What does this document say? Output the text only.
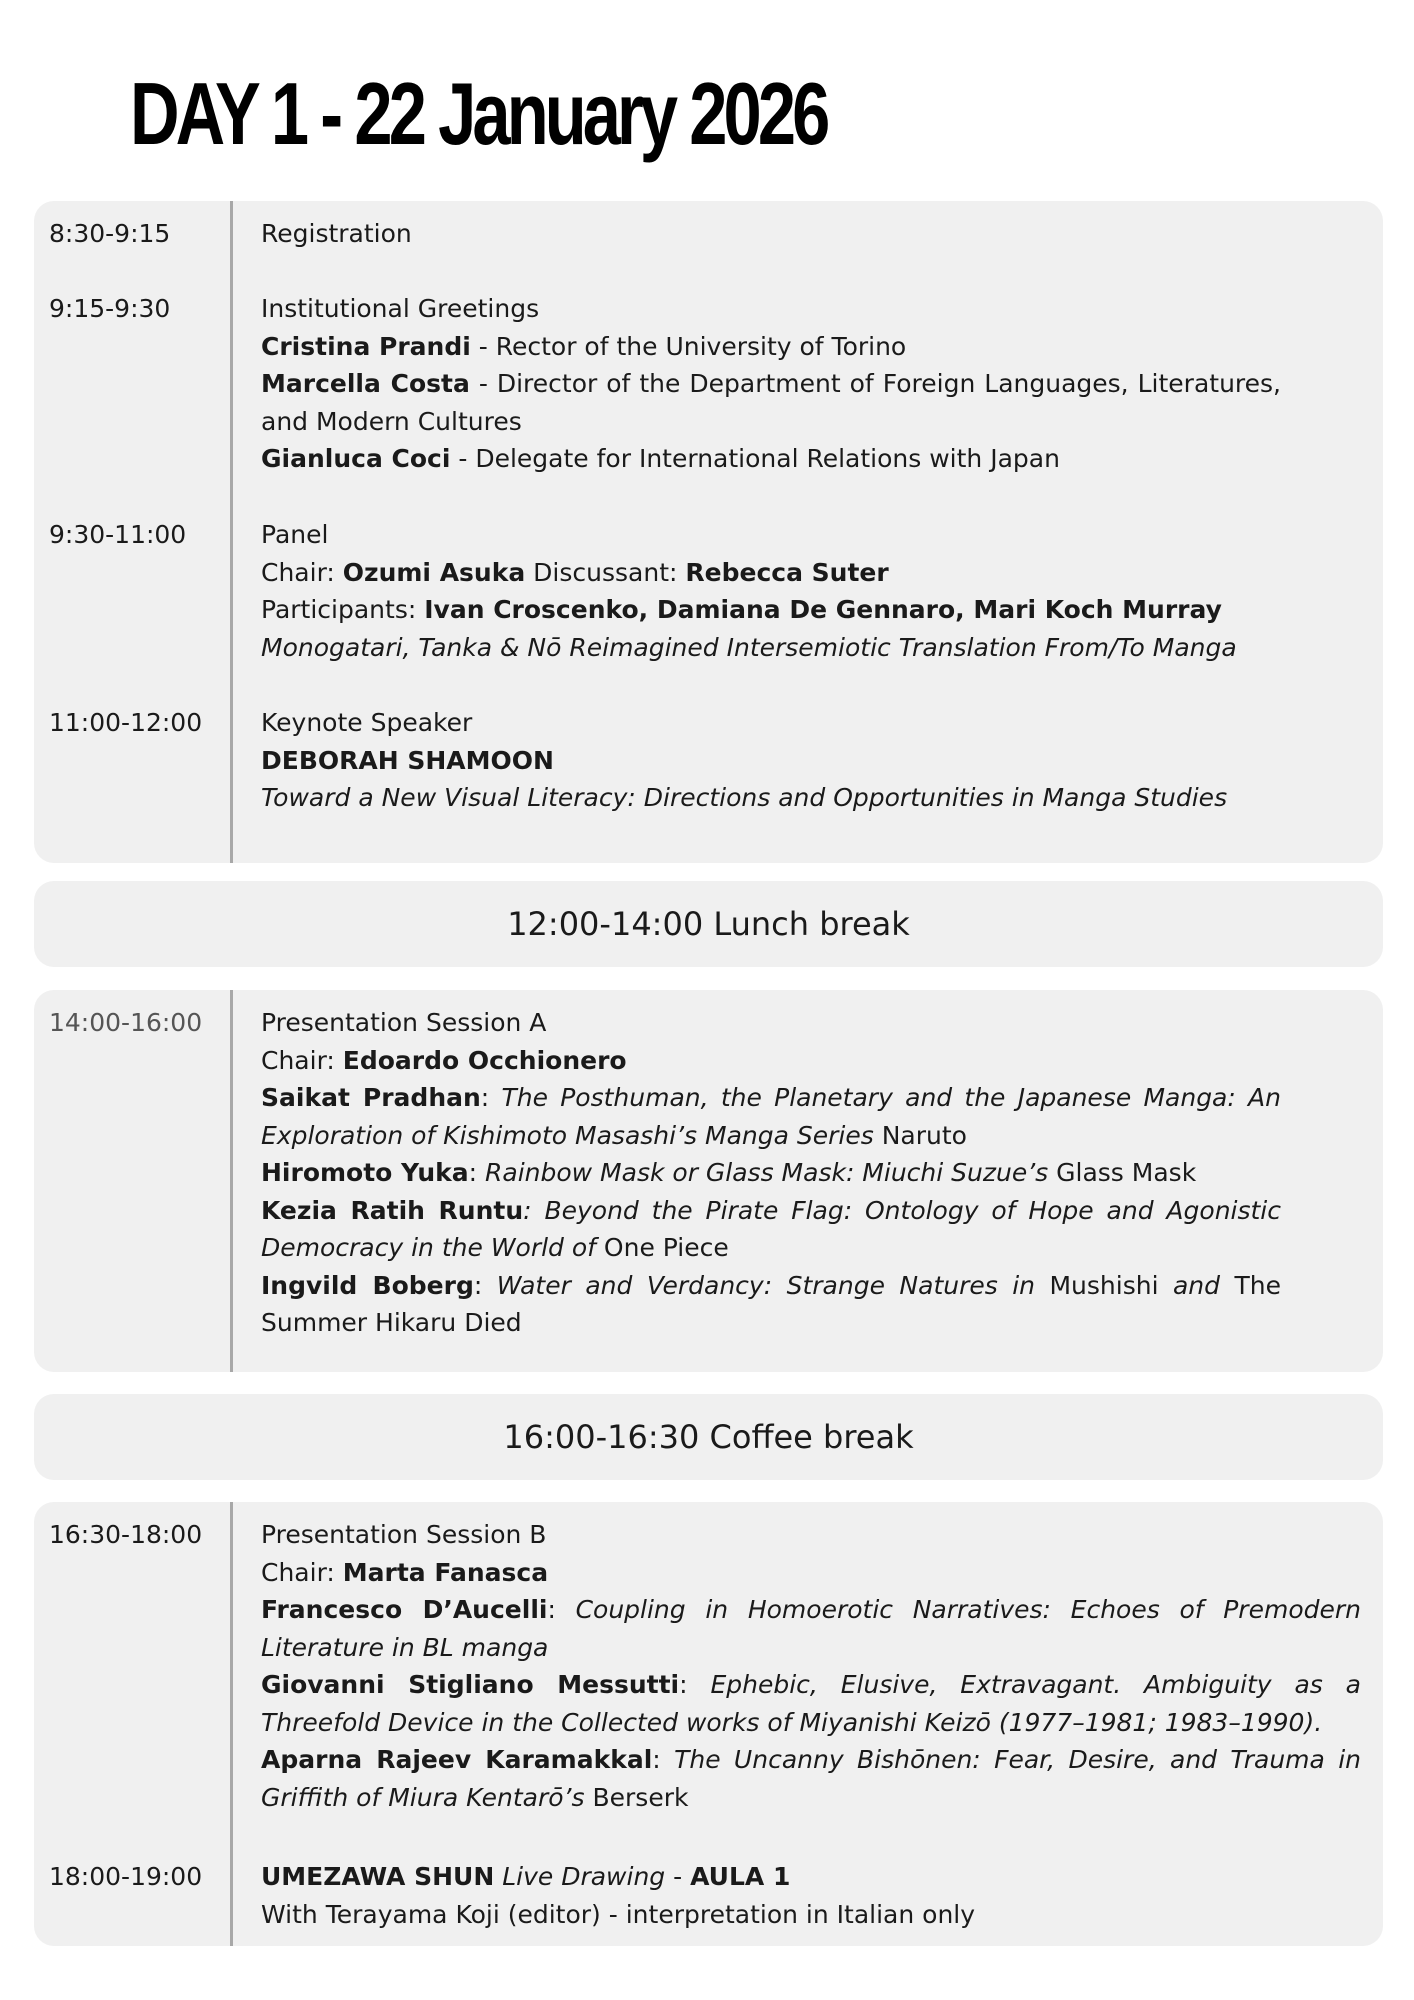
DAY 1 - 22 January 2026
8:30-9:15	Registration
9:15-9:30	Institutional Greetings
Cristina Prandi - Rector of the University of Torino
Marcella Costa - Director of the Department of Foreign Languages, Literatures, and Modern Cultures
Gianluca Coci - Delegate for International Relations with Japan
9:30-11:00	Panel
Chair: Ozumi Asuka Discussant: Rebecca Suter
Participants: Ivan Croscenko, Damiana De Gennaro, Mari Koch Murray
Monogatari, Tanka & Nō Reimagined Intersemiotic Translation From/To Manga
11:00-12:00	Keynote Speaker
DEBORAH SHAMOON
Toward a New Visual Literacy: Directions and Opportunities in Manga Studies
12:00-14:00 Lunch break
14:00-16:00	Presentation Session A
Chair: Edoardo Occhionero
Saikat Pradhan: The Posthuman, the Planetary and the Japanese Manga: An Exploration of Kishimoto Masashi’s Manga Series Naruto
Hiromoto Yuka: Rainbow Mask or Glass Mask: Miuchi Suzue’s Glass Mask
Kezia Ratih Runtu: Beyond the Pirate Flag: Ontology of Hope and Agonistic Democracy in the World of One Piece
Ingvild Boberg: Water and Verdancy: Strange Natures in Mushishi and The Summer Hikaru Died
16:00-16:30 Coffee break
16:30-18:00	Presentation Session B
Chair: Marta Fanasca
Francesco D’Aucelli: Coupling in Homoerotic Narratives: Echoes of Premodern Literature in BL manga
Giovanni Stigliano Messutti: Ephebic, Elusive, Extravagant. Ambiguity as a Threefold Device in the Collected works of Miyanishi Keizō (1977–1981; 1983–1990).
Aparna Rajeev Karamakkal: The Uncanny Bishōnen: Fear, Desire, and Trauma in Griffith of Miura Kentarō’s Berserk
18:00-19:00	UMEZAWA SHUN Live Drawing - AULA 1
With Terayama Koji (editor) - interpretation in Italian only
